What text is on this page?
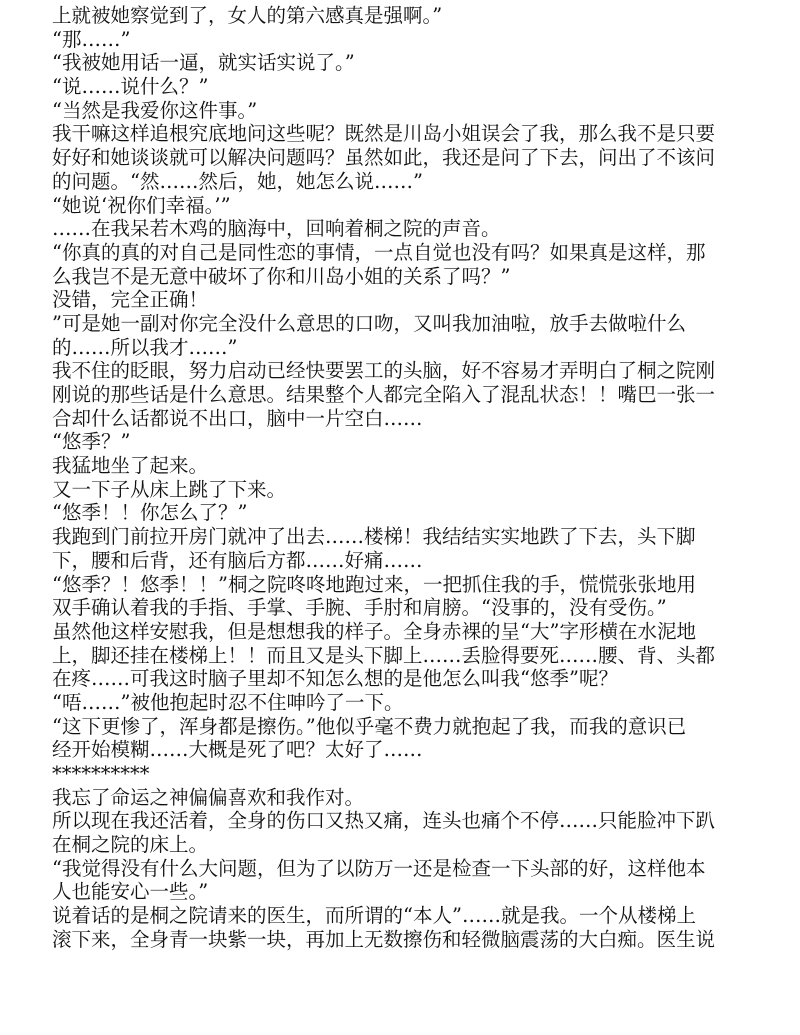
上就被她察觉到了，女人的第六感真是强啊。”
“那……”
“我被她用话一逼，就实话实说了。”
“说……说什么？”
“当然是我爱你这件事。”
我干嘛这样追根究底地问这些呢？既然是川岛小姐误会了我，那么我不是只要
好好和她谈谈就可以解决问题吗？虽然如此，我还是问了下去，问出了不该问
的问题。“然……然后，她，她怎么说……”
“她说‘祝你们幸福。’”
……在我呆若木鸡的脑海中，回响着桐之院的声音。
“你真的真的对自己是同性恋的事情，一点自觉也没有吗？如果真是这样，那
么我岂不是无意中破坏了你和川岛小姐的关系了吗？”
没错，完全正确！
”可是她一副对你完全没什么意思的口吻，又叫我加油啦，放手去做啦什么
的……所以我才……”
我不住的眨眼，努力启动已经快要罢工的头脑，好不容易才弄明白了桐之院刚
刚说的那些话是什么意思。结果整个人都完全陷入了混乱状态！！嘴巴一张一
合却什么话都说不出口，脑中一片空白……
“悠季？”
我猛地坐了起来。
又一下子从床上跳了下来。
“悠季！！你怎么了？”
我跑到门前拉开房门就冲了出去……楼梯！我结结实实地跌了下去，头下脚
下，腰和后背，还有脑后方都……好痛……
“悠季？！悠季！！”桐之院咚咚地跑过来，一把抓住我的手，慌慌张张地用
双手确认着我的手指、手掌、手腕、手肘和肩膀。“没事的，没有受伤。”
虽然他这样安慰我，但是想想我的样子。全身赤裸的呈“大”字形横在水泥地
上，脚还挂在楼梯上！！而且又是头下脚上……丢脸得要死……腰、背、头都
在疼……可我这时脑子里却不知怎么想的是他怎么叫我“悠季”呢？
“唔……”被他抱起时忍不住呻吟了一下。
“这下更惨了，浑身都是擦伤。”他似乎毫不费力就抱起了我，而我的意识已
经开始模糊……大概是死了吧？太好了……
**********
我忘了命运之神偏偏喜欢和我作对。
所以现在我还活着，全身的伤口又热又痛，连头也痛个不停……只能脸冲下趴
在桐之院的床上。
“我觉得没有什么大问题，但为了以防万一还是检查一下头部的好，这样他本
人也能安心一些。”
说着话的是桐之院请来的医生，而所谓的“本人”……就是我。一个从楼梯上
滚下来，全身青一块紫一块，再加上无数擦伤和轻微脑震荡的大白痴。医生说
